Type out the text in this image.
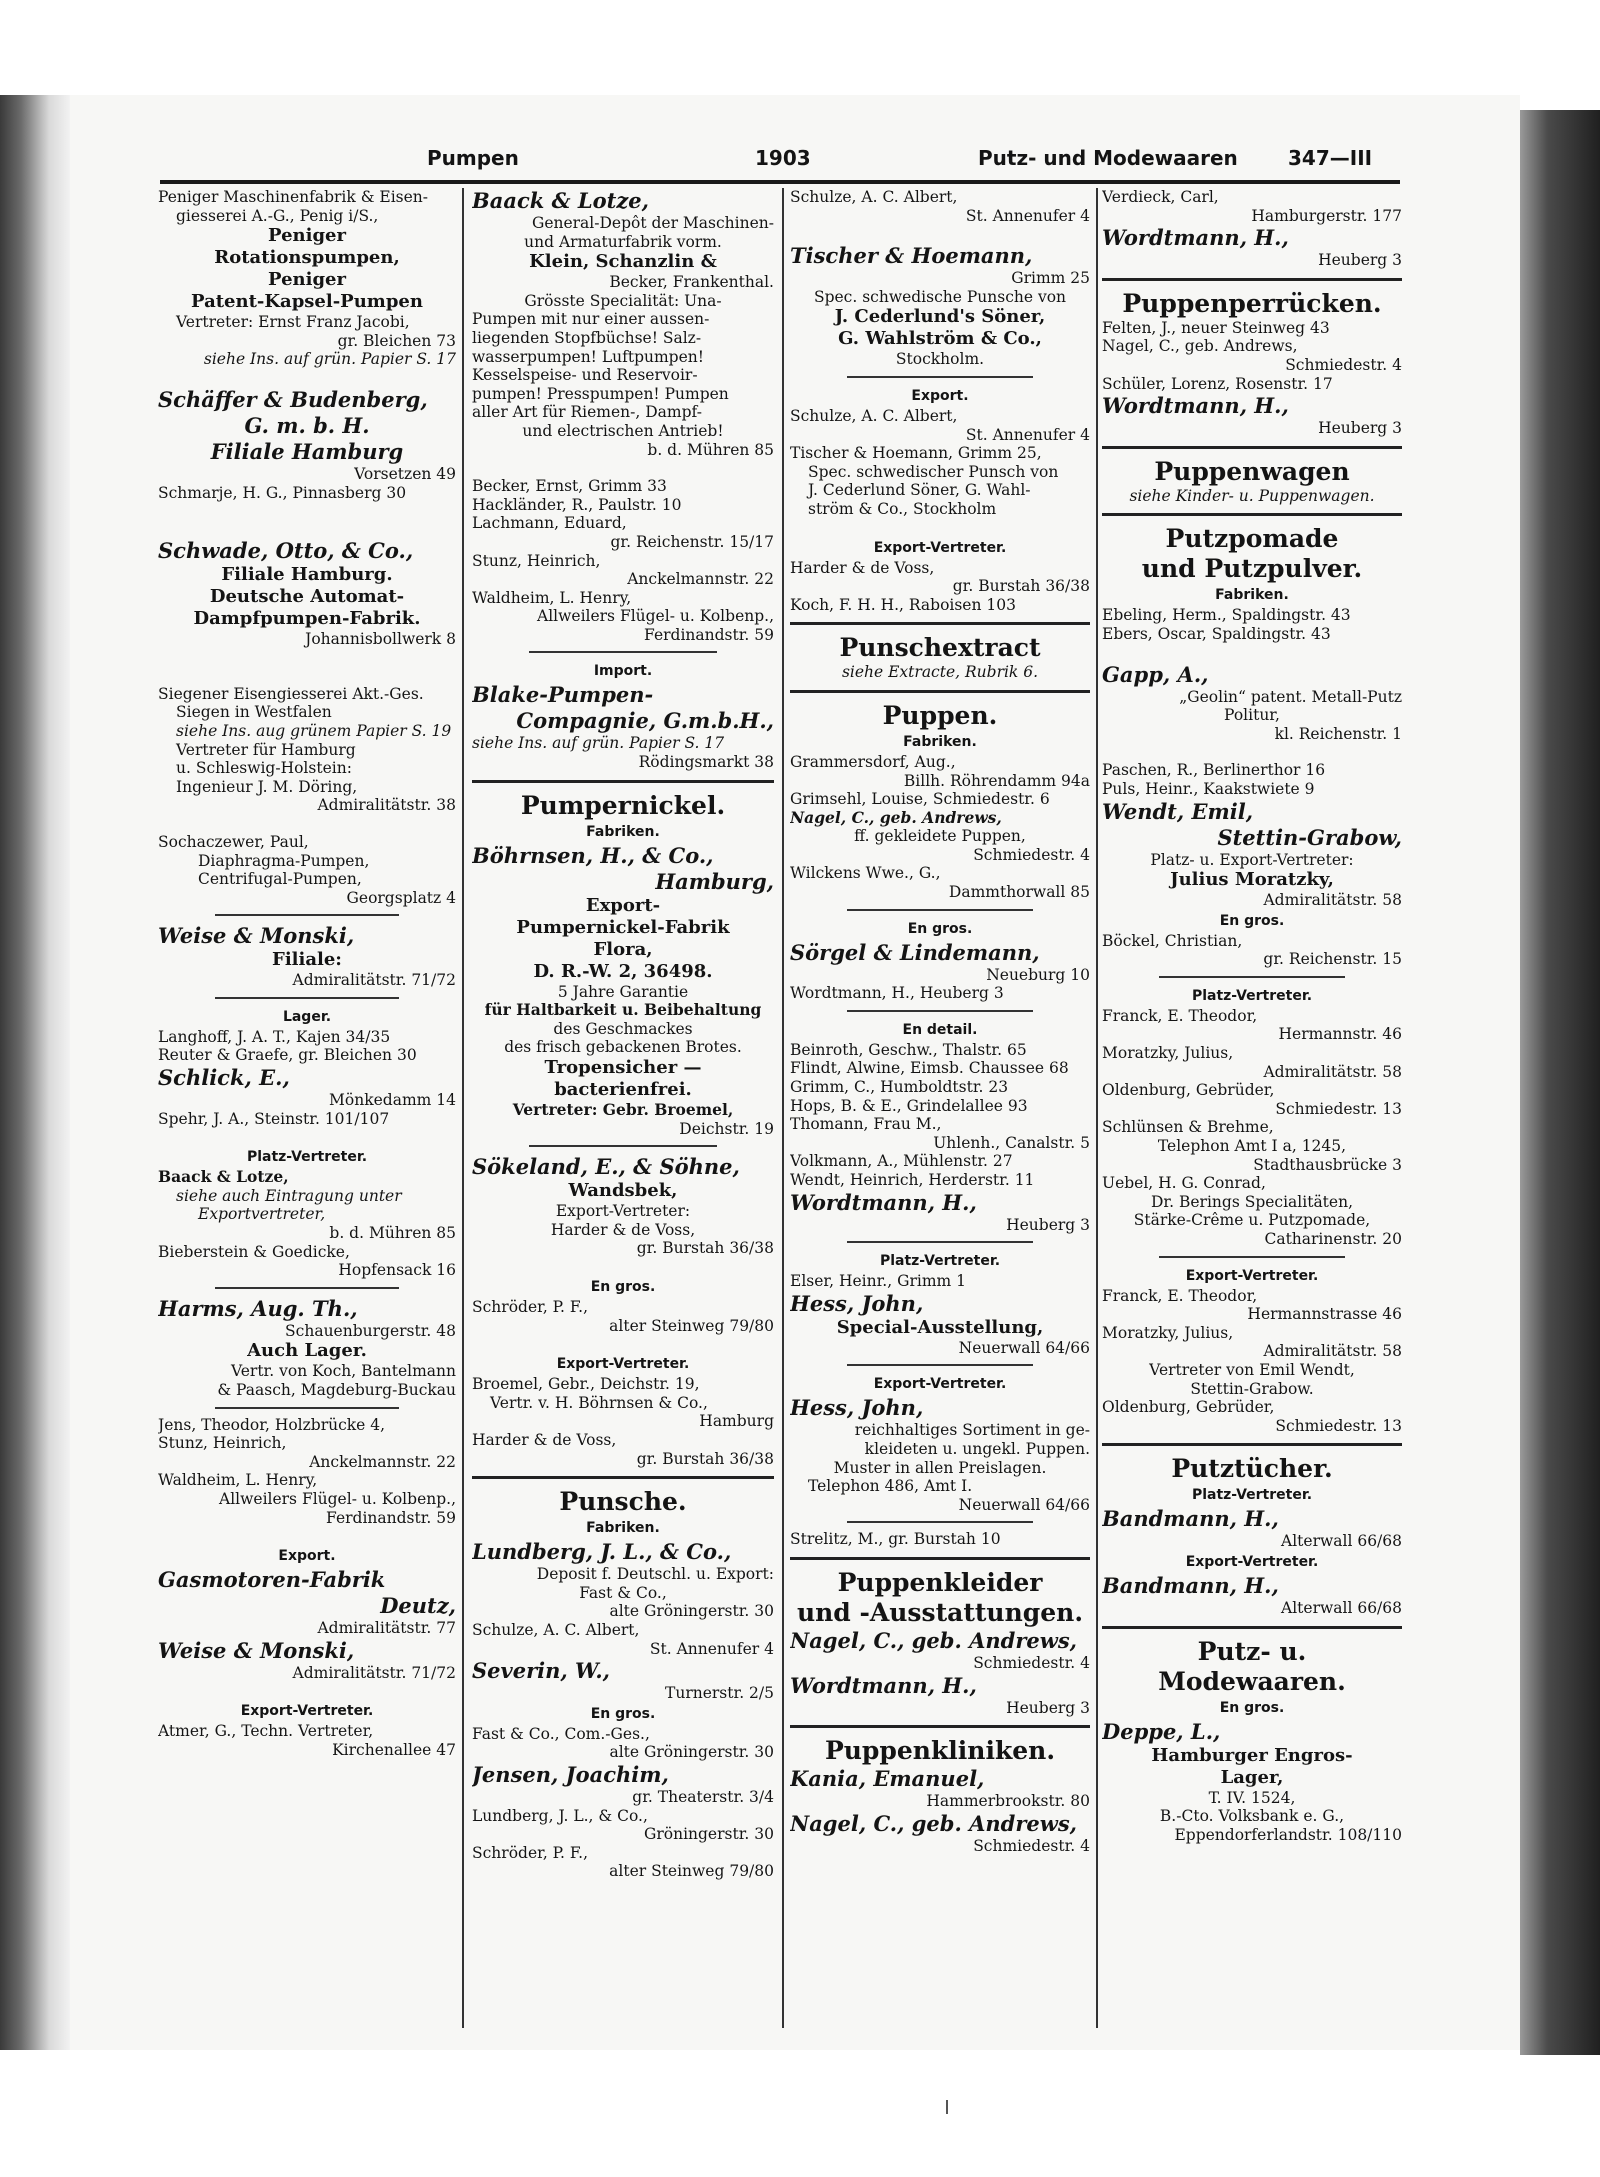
Pumpen	1903	Putz- und Modewaaren	347—III

Peniger Maschinenfabrik & Eisen-

giesserei A.-G., Penig i/S.,

Peniger

Rotationspumpen,

Peniger

Patent-Kapsel-Pumpen

Vertreter: Ernst Franz Jacobi,

gr. Bleichen 73

siehe Ins. auf grün. Papier S. 17

Schäffer & Budenberg,

G. m. b. H.

Filiale Hamburg

Vorsetzen 49

Schmarje, H. G., Pinnasberg 30

Schwade, Otto, & Co.,

Filiale Hamburg.

Deutsche Automat-

Dampfpumpen-Fabrik.

Johannisbollwerk 8

Siegener Eisengiesserei Akt.-Ges.

Siegen in Westfalen

siehe Ins. aug grünem Papier S. 19

Vertreter für Hamburg

u. Schleswig-Holstein:

Ingenieur J. M. Döring,

Admiralitätstr. 38

Sochaczewer, Paul,

Diaphragma-Pumpen,

Centrifugal-Pumpen,

Georgsplatz 4

Weise & Monski,

Filiale:

Admiralitätstr. 71/72

Lager.

Langhoff, J. A. T., Kajen 34/35

Reuter & Graefe, gr. Bleichen 30

Schlick, E.,

Mönkedamm 14

Spehr, J. A., Steinstr. 101/107

Platz-Vertreter.

Baack & Lotze,

siehe auch Eintragung unter

Exportvertreter,

b. d. Mühren 85

Bieberstein & Goedicke,

Hopfensack 16

Harms, Aug. Th.,

Schauenburgerstr. 48

Auch Lager.

Vertr. von Koch, Bantelmann

& Paasch, Magdeburg-Buckau

Jens, Theodor, Holzbrücke 4,

Stunz, Heinrich,

Anckelmannstr. 22

Waldheim, L. Henry,

Allweilers Flügel- u. Kolbenp.,

Ferdinandstr. 59

Export.

Gasmotoren-Fabrik

Deutz,

Admiralitätstr. 77

Weise & Monski,

Admiralitätstr. 71/72

Export-Vertreter.

Atmer, G., Techn. Vertreter,

Kirchenallee 47

Baack & Lotze,

General-Depôt der Maschinen-

und Armaturfabrik vorm.

Klein, Schanzlin &

Becker, Frankenthal.

Grösste Specialität: Una-

Pumpen mit nur einer aussen-

liegenden Stopfbüchse! Salz-

wasserpumpen! Luftpumpen!

Kesselspeise- und Reservoir-

pumpen! Presspumpen! Pumpen

aller Art für Riemen-, Dampf-

und electrischen Antrieb!

b. d. Mühren 85

Becker, Ernst, Grimm 33

Hackländer, R., Paulstr. 10

Lachmann, Eduard,

gr. Reichenstr. 15/17

Stunz, Heinrich,

Anckelmannstr. 22

Waldheim, L. Henry,

Allweilers Flügel- u. Kolbenp.,

Ferdinandstr. 59

Import.

Blake-Pumpen-

Compagnie, G.m.b.H.,

siehe Ins. auf grün. Papier S. 17

Rödingsmarkt 38

Pumpernickel.

Fabriken.

Böhrnsen, H., & Co.,

Hamburg,

Export-

Pumpernickel-Fabrik

Flora,

D. R.-W. 2, 36498.

5 Jahre Garantie

für Haltbarkeit u. Beibehaltung

des Geschmackes

des frisch gebackenen Brotes.

Tropensicher —

bacterienfrei.

Vertreter: Gebr. Broemel,

Deichstr. 19

Sökeland, E., & Söhne,

Wandsbek,

Export-Vertreter:

Harder & de Voss,

gr. Burstah 36/38

En gros.

Schröder, P. F.,

alter Steinweg 79/80

Export-Vertreter.

Broemel, Gebr., Deichstr. 19,

Vertr. v. H. Böhrnsen & Co.,

Hamburg

Harder & de Voss,

gr. Burstah 36/38

Punsche.

Fabriken.

Lundberg, J. L., & Co.,

Deposit f. Deutschl. u. Export:

Fast & Co.,

alte Gröningerstr. 30

Schulze, A. C. Albert,

St. Annenufer 4

Severin, W.,

Turnerstr. 2/5

En gros.

Fast & Co., Com.-Ges.,

alte Gröningerstr. 30

Jensen, Joachim,

gr. Theaterstr. 3/4

Lundberg, J. L., & Co.,

Gröningerstr. 30

Schröder, P. F.,

alter Steinweg 79/80

Schulze, A. C. Albert,

St. Annenufer 4

Tischer & Hoemann,

Grimm 25

Spec. schwedische Punsche von

J. Cederlund's Söner,

G. Wahlström & Co.,

Stockholm.

Export.

Schulze, A. C. Albert,

St. Annenufer 4

Tischer & Hoemann, Grimm 25,

Spec. schwedischer Punsch von

J. Cederlund Söner, G. Wahl-

ström & Co., Stockholm

Export-Vertreter.

Harder & de Voss,

gr. Burstah 36/38

Koch, F. H. H., Raboisen 103

Punschextract

siehe Extracte, Rubrik 6.

Puppen.

Fabriken.

Grammersdorf, Aug.,

Billh. Röhrendamm 94a

Grimsehl, Louise, Schmiedestr. 6

Nagel, C., geb. Andrews,

ff. gekleidete Puppen,

Schmiedestr. 4

Wilckens Wwe., G.,

Dammthorwall 85

En gros.

Sörgel & Lindemann,

Neueburg 10

Wordtmann, H., Heuberg 3

En detail.

Beinroth, Geschw., Thalstr. 65

Flindt, Alwine, Eimsb. Chaussee 68

Grimm, C., Humboldtstr. 23

Hops, B. & E., Grindelallee 93

Thomann, Frau M.,

Uhlenh., Canalstr. 5

Volkmann, A., Mühlenstr. 27

Wendt, Heinrich, Herderstr. 11

Wordtmann, H.,

Heuberg 3

Platz-Vertreter.

Elser, Heinr., Grimm 1

Hess, John,

Special-Ausstellung,

Neuerwall 64/66

Export-Vertreter.

Hess, John,

reichhaltiges Sortiment in ge-

kleideten u. ungekl. Puppen.

Muster in allen Preislagen.

Telephon 486, Amt I.

Neuerwall 64/66

Strelitz, M., gr. Burstah 10

Puppenkleider

und -Ausstattungen.

Nagel, C., geb. Andrews,

Schmiedestr. 4

Wordtmann, H.,

Heuberg 3

Puppenkliniken.

Kania, Emanuel,

Hammerbrookstr. 80

Nagel, C., geb. Andrews,

Schmiedestr. 4

Verdieck, Carl,

Hamburgerstr. 177

Wordtmann, H.,

Heuberg 3

Puppenperrücken.

Felten, J., neuer Steinweg 43

Nagel, C., geb. Andrews,

Schmiedestr. 4

Schüler, Lorenz, Rosenstr. 17

Wordtmann, H.,

Heuberg 3

Puppenwagen

siehe Kinder- u. Puppenwagen.

Putzpomade

und Putzpulver.

Fabriken.

Ebeling, Herm., Spaldingstr. 43

Ebers, Oscar, Spaldingstr. 43

Gapp, A.,

„Geolin“ patent. Metall-Putz

Politur,

kl. Reichenstr. 1

Paschen, R., Berlinerthor 16

Puls, Heinr., Kaakstwiete 9

Wendt, Emil,

Stettin-Grabow,

Platz- u. Export-Vertreter:

Julius Moratzky,

Admiralitätstr. 58

En gros.

Böckel, Christian,

gr. Reichenstr. 15

Platz-Vertreter.

Franck, E. Theodor,

Hermannstr. 46

Moratzky, Julius,

Admiralitätstr. 58

Oldenburg, Gebrüder,

Schmiedestr. 13

Schlünsen & Brehme,

Telephon Amt I a, 1245,

Stadthausbrücke 3

Uebel, H. G. Conrad,

Dr. Berings Specialitäten,

Stärke-Crême u. Putzpomade,

Catharinenstr. 20

Export-Vertreter.

Franck, E. Theodor,

Hermannstrasse 46

Moratzky, Julius,

Admiralitätstr. 58

Vertreter von Emil Wendt,

Stettin-Grabow.

Oldenburg, Gebrüder,

Schmiedestr. 13

Putztücher.

Platz-Vertreter.

Bandmann, H.,

Alterwall 66/68

Export-Vertreter.

Bandmann, H.,

Alterwall 66/68

Putz- u. Modewaaren.

En gros.

Deppe, L.,

Hamburger Engros-

Lager,

T. IV. 1524,

B.-Cto. Volksbank e. G.,

Eppendorferlandstr. 108/110
